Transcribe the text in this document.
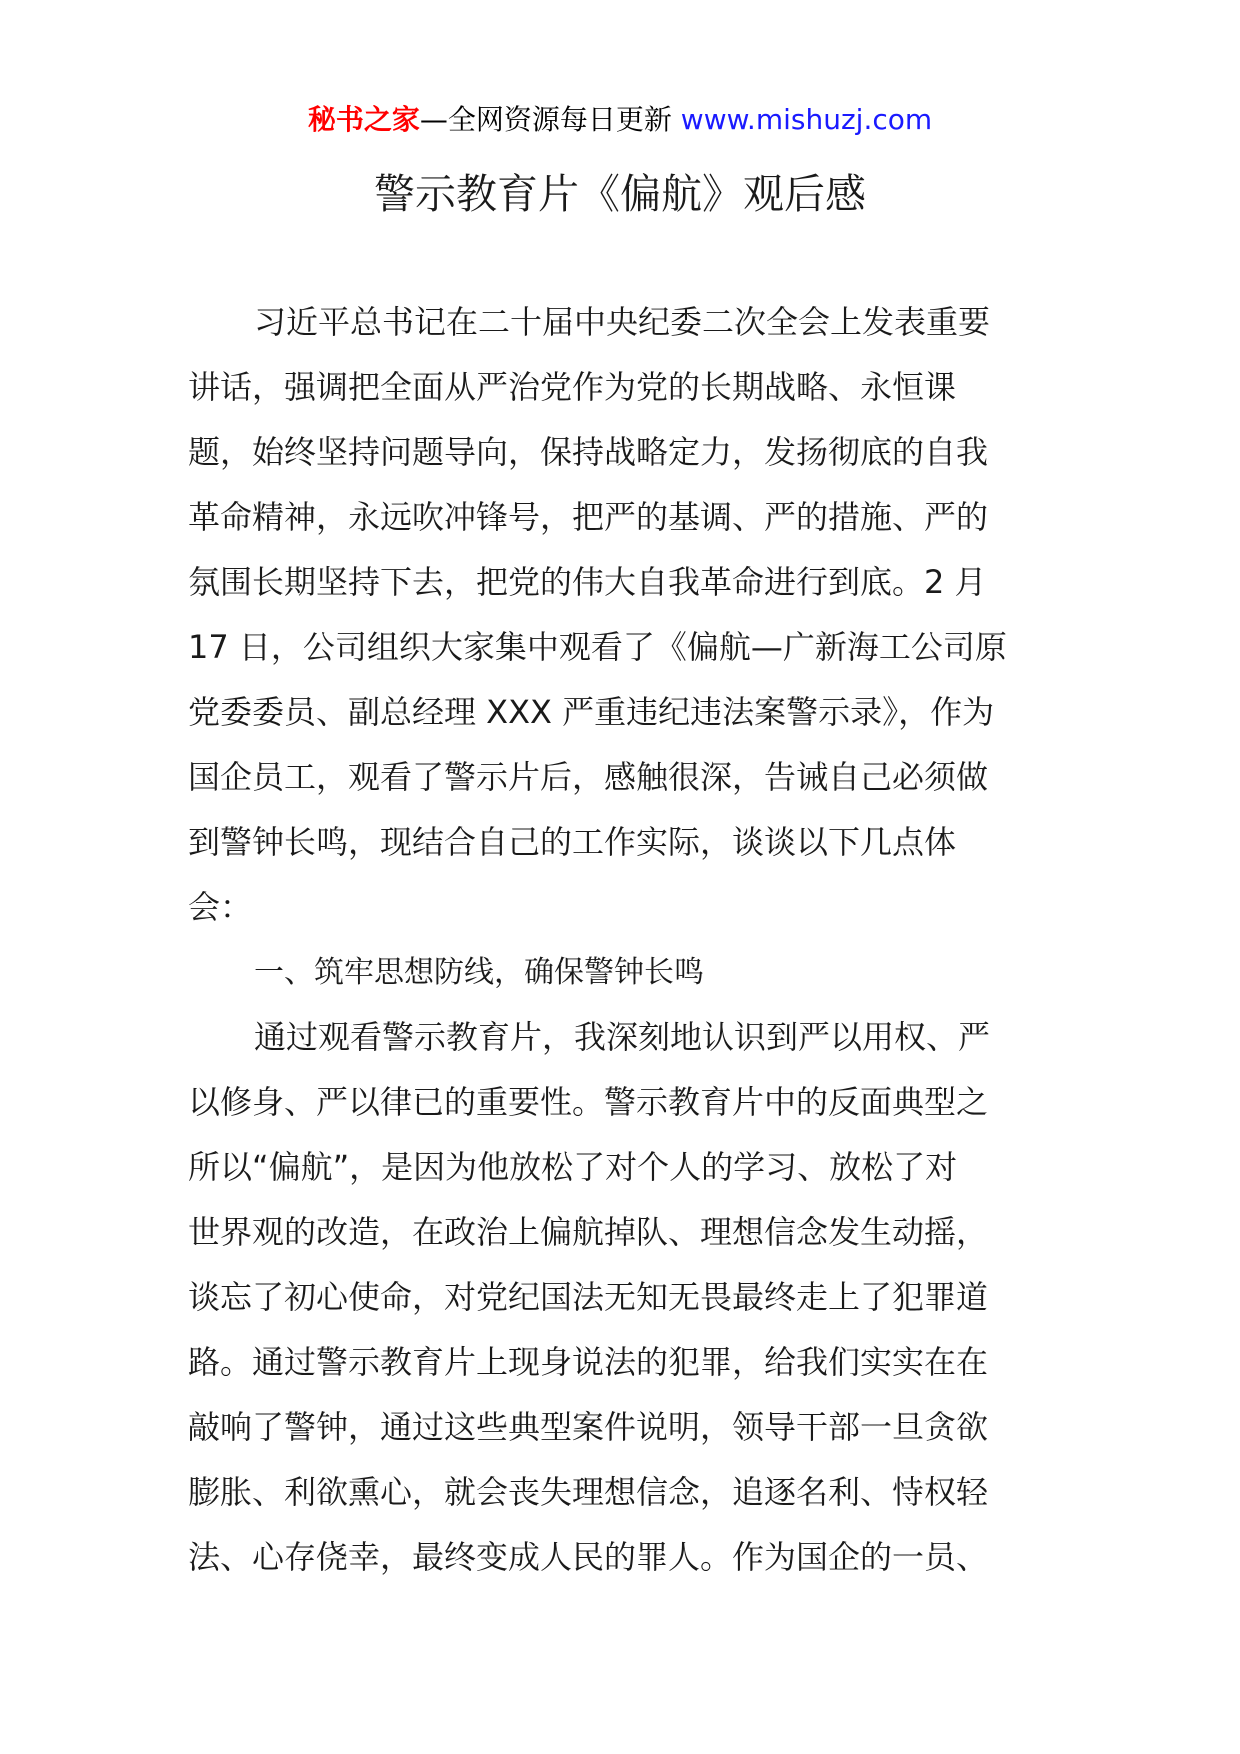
秘书之家—全网资源每日更新 www.mishuzj.com
警示教育片《偏航》观后感
习近平总书记在二十届中央纪委二次全会上发表重要
讲话，强调把全面从严治党作为党的长期战略、永恒课
题，始终坚持问题导向，保持战略定力，发扬彻底的自我
革命精神，永远吹冲锋号，把严的基调、严的措施、严的
氛围长期坚持下去，把党的伟大自我革命进行到底。2 月
17 日，公司组织大家集中观看了《偏航—广新海工公司原
党委委员、副总经理 XXX 严重违纪违法案警示录》，作为
国企员工，观看了警示片后，感触很深，告诫自己必须做
到警钟长鸣，现结合自己的工作实际，谈谈以下几点体
会：
一、筑牢思想防线，确保警钟长鸣
通过观看警示教育片，我深刻地认识到严以用权、严
以修身、严以律已的重要性。警示教育片中的反面典型之
所以“偏航”，是因为他放松了对个人的学习、放松了对
世界观的改造，在政治上偏航掉队、理想信念发生动摇，
谈忘了初心使命，对党纪国法无知无畏最终走上了犯罪道
路。通过警示教育片上现身说法的犯罪，给我们实实在在
敲响了警钟，通过这些典型案件说明，领导干部一旦贪欲
膨胀、利欲熏心，就会丧失理想信念，追逐名利、恃权轻
法、心存侥幸，最终变成人民的罪人。作为国企的一员、
